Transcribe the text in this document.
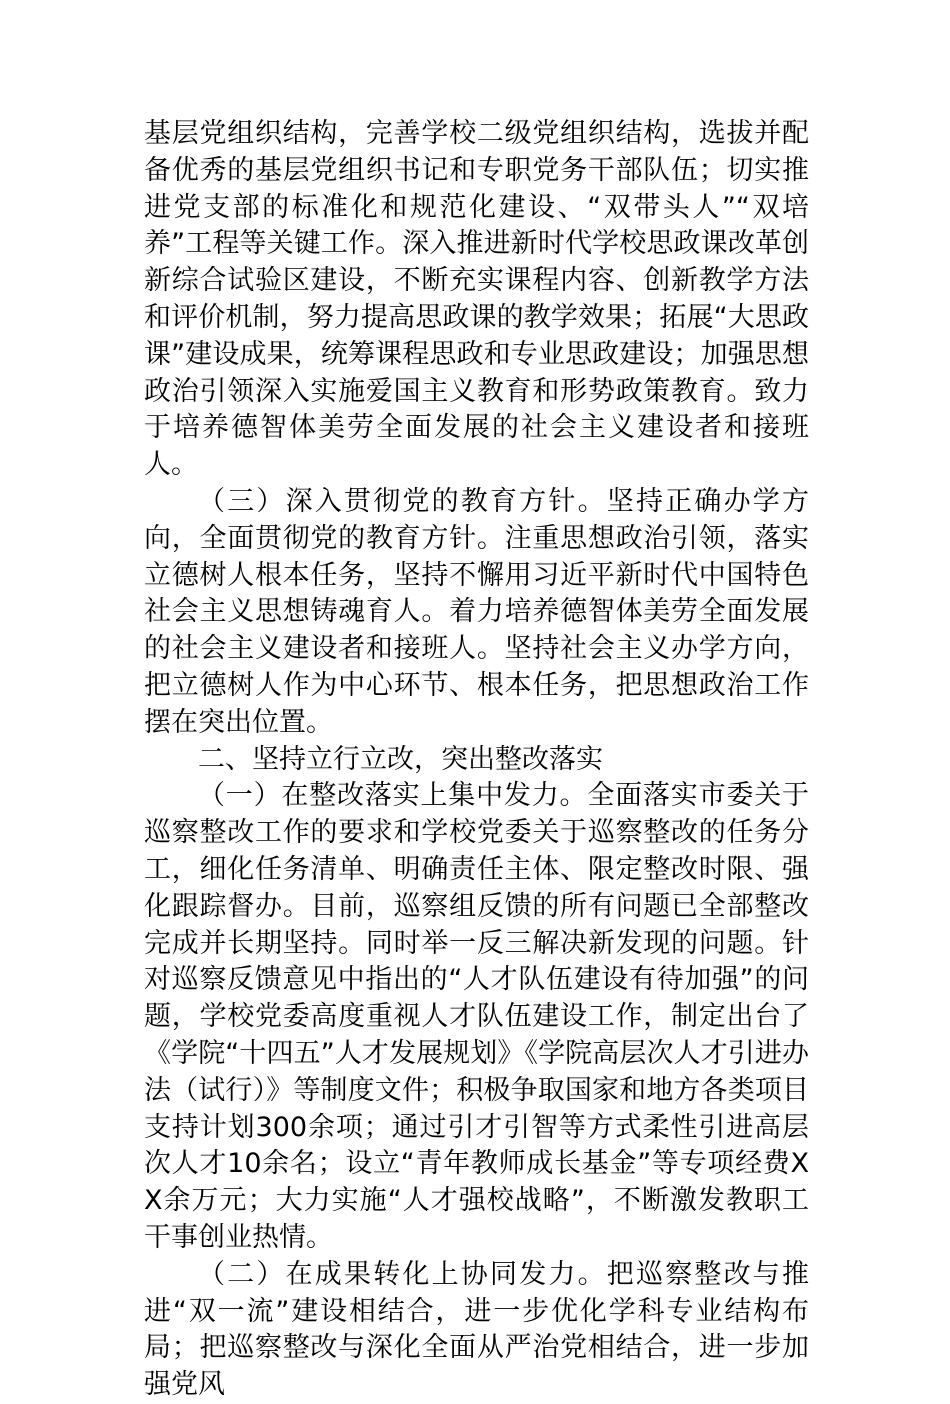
基层党组织结构，完善学校二级党组织结构，选拔并配备优秀的基层党组织书记和专职党务干部队伍；切实推进党支部的标准化和规范化建设、“双带头人”“双培养”工程等关键工作。深入推进新时代学校思政课改革创新综合试验区建设，不断充实课程内容、创新教学方法和评价机制，努力提高思政课的教学效果；拓展“大思政课”建设成果，统筹课程思政和专业思政建设；加强思想政治引领深入实施爱国主义教育和形势政策教育。致力于培养德智体美劳全面发展的社会主义建设者和接班人。

（三）深入贯彻党的教育方针。坚持正确办学方向，全面贯彻党的教育方针。注重思想政治引领，落实立德树人根本任务，坚持不懈用习近平新时代中国特色社会主义思想铸魂育人。着力培养德智体美劳全面发展的社会主义建设者和接班人。坚持社会主义办学方向，把立德树人作为中心环节、根本任务，把思想政治工作摆在突出位置。

二、坚持立行立改，突出整改落实

（一）在整改落实上集中发力。全面落实市委关于巡察整改工作的要求和学校党委关于巡察整改的任务分工，细化任务清单、明确责任主体、限定整改时限、强化跟踪督办。目前，巡察组反馈的所有问题已全部整改完成并长期坚持。同时举一反三解决新发现的问题。针对巡察反馈意见中指出的“人才队伍建设有待加强”的问题，学校党委高度重视人才队伍建设工作，制定出台了《学院“十四五”人才发展规划》《学院高层次人才引进办法（试行）》等制度文件；积极争取国家和地方各类项目支持计划300余项；通过引才引智等方式柔性引进高层次人才10余名；设立“青年教师成长基金”等专项经费XX余万元；大力实施“人才强校战略”，不断激发教职工干事创业热情。

（二）在成果转化上协同发力。把巡察整改与推进“双一流”建设相结合，进一步优化学科专业结构布局；把巡察整改与深化全面从严治党相结合，进一步加强党风
